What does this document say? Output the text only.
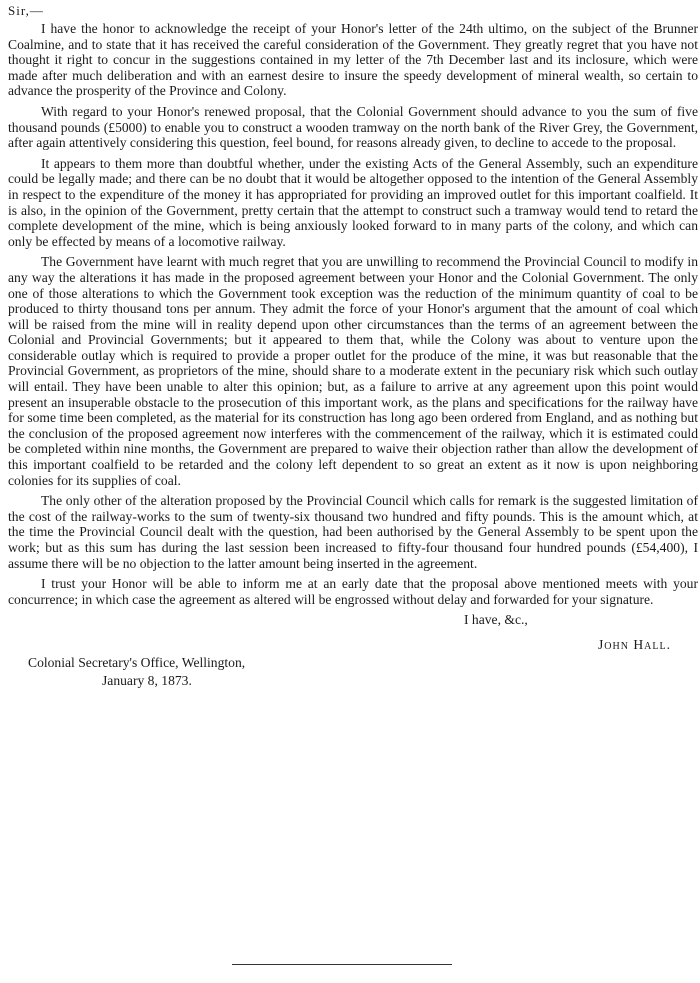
Sir,—

I have the honor to acknowledge the receipt of your Honor's letter of the 24th ultimo, on the subject of the Brunner Coalmine, and to state that it has received the careful consideration of the Government. They greatly regret that you have not thought it right to concur in the suggestions contained in my letter of the 7th December last and its inclosure, which were made after much deliberation and with an earnest desire to insure the speedy development of mineral wealth, so certain to advance the prosperity of the Province and Colony.

With regard to your Honor's renewed proposal, that the Colonial Government should advance to you the sum of five thousand pounds (£5000) to enable you to construct a wooden tramway on the north bank of the River Grey, the Government, after again attentively considering this question, feel bound, for reasons already given, to decline to accede to the proposal.

It appears to them more than doubtful whether, under the existing Acts of the General Assembly, such an expenditure could be legally made; and there can be no doubt that it would be altogether opposed to the intention of the General Assembly in respect to the expenditure of the money it has appropriated for providing an improved outlet for this important coalfield. It is also, in the opinion of the Government, pretty certain that the attempt to construct such a tramway would tend to retard the complete development of the mine, which is being anxiously looked forward to in many parts of the colony, and which can only be effected by means of a locomotive railway.

The Government have learnt with much regret that you are unwilling to recommend the Provincial Council to modify in any way the alterations it has made in the proposed agreement between your Honor and the Colonial Government. The only one of those alterations to which the Government took exception was the reduction of the minimum quantity of coal to be produced to thirty thousand tons per annum. They admit the force of your Honor's argument that the amount of coal which will be raised from the mine will in reality depend upon other circumstances than the terms of an agreement between the Colonial and Provincial Governments; but it appeared to them that, while the Colony was about to venture upon the considerable outlay which is required to provide a proper outlet for the produce of the mine, it was but reasonable that the Provincial Government, as proprietors of the mine, should share to a moderate extent in the pecuniary risk which such outlay will entail. They have been unable to alter this opinion; but, as a failure to arrive at any agreement upon this point would present an insuperable obstacle to the prosecution of this important work, as the plans and specifications for the railway have for some time been completed, as the material for its construction has long ago been ordered from England, and as nothing but the conclusion of the proposed agreement now interferes with the commencement of the railway, which it is estimated could be completed within nine months, the Government are prepared to waive their objection rather than allow the development of this important coalfield to be retarded and the colony left dependent to so great an extent as it now is upon neighboring colonies for its supplies of coal.

The only other of the alteration proposed by the Provincial Council which calls for remark is the suggested limitation of the cost of the railway-works to the sum of twenty-six thousand two hundred and fifty pounds. This is the amount which, at the time the Provincial Council dealt with the question, had been authorised by the General Assembly to be spent upon the work; but as this sum has during the last session been increased to fifty-four thousand four hundred pounds (£54,400), I assume there will be no objection to the latter amount being inserted in the agreement.

I trust your Honor will be able to inform me at an early date that the proposal above mentioned meets with your concurrence; in which case the agreement as altered will be engrossed without delay and forwarded for your signature.

I have, &c.,
John Hall.
Colonial Secretary's Office, Wellington,
January 8, 1873.
